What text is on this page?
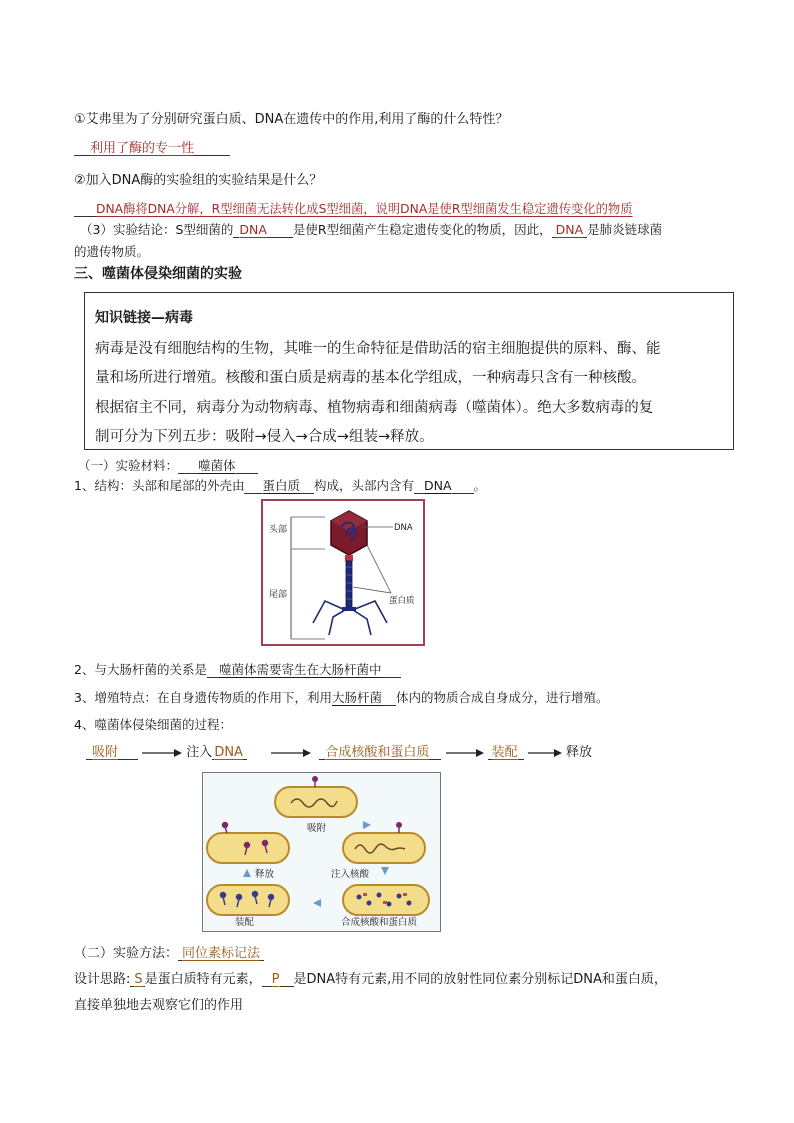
①艾弗里为了分别研究蛋白质、DNA在遗传中的作用,利用了酶的什么特性？
利用了酶的专一性
②加入DNA酶的实验组的实验结果是什么？
DNA酶将DNA分解，R型细菌无法转化成S型细菌，说明DNA是使R型细菌发生稳定遗传变化的物质
（3）实验结论：S型细菌的 DNA 是使R型细菌产生稳定遗传变化的物质，因此， DNA 是肺炎链球菌
的遗传物质。
三、噬菌体侵染细菌的实验
知识链接—病毒
病毒是没有细胞结构的生物，其唯一的生命特征是借助活的宿主细胞提供的原料、酶、能
量和场所进行增殖。核酸和蛋白质是病毒的基本化学组成，一种病毒只含有一种核酸。
根据宿主不同，病毒分为动物病毒、植物病毒和细菌病毒（噬菌体）。绝大多数病毒的复
制可分为下列五步：吸附→侵入→合成→组装→释放。
（一）实验材料： 噬菌体
1、结构：头部和尾部的外壳由 蛋白质 构成，头部内含有 DNA 。
头部
尾部
DNA
蛋白质
2、与大肠杆菌的关系是 噬菌体需要寄生在大肠杆菌中
3、增殖特点：在自身遗传物质的作用下，利用大肠杆菌 体内的物质合成自身成分，进行增殖。
4、噬菌体侵染细菌的过程：
吸附	注入 DNA	合成核酸和蛋白质	装配	释放
吸附
注入核酸
合成核酸和蛋白质
装配
释放
（二）实验方法： 同位素标记法
设计思路: S 是蛋白质特有元素， P 是DNA特有元素,用不同的放射性同位素分别标记DNA和蛋白质，
直接单独地去观察它们的作用
